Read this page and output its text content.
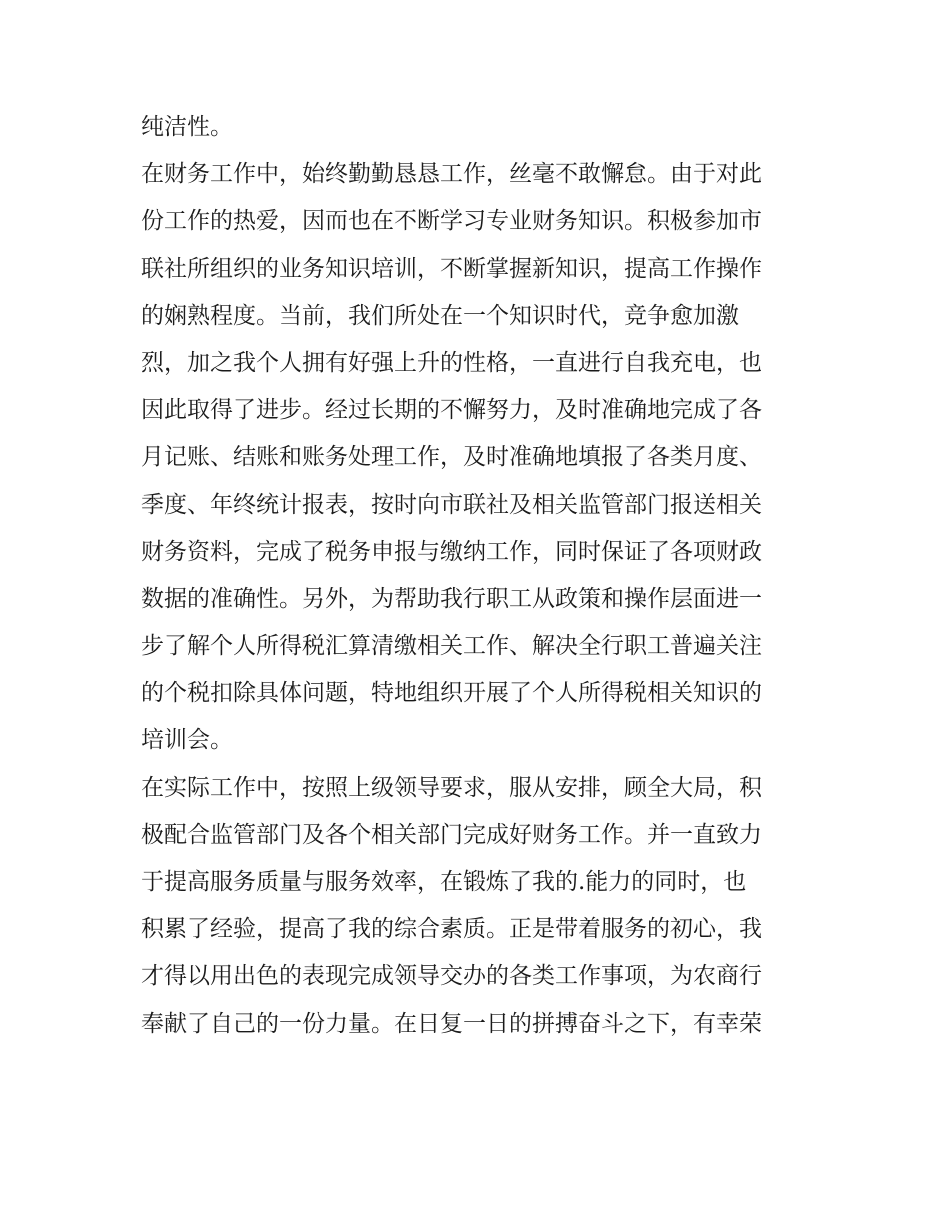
纯洁性。
在财务工作中，始终勤勤恳恳工作，丝毫不敢懈怠。由于对此
份工作的热爱，因而也在不断学习专业财务知识。积极参加市
联社所组织的业务知识培训，不断掌握新知识，提高工作操作
的娴熟程度。当前，我们所处在一个知识时代，竞争愈加激
烈，加之我个人拥有好强上升的性格，一直进行自我充电，也
因此取得了进步。经过长期的不懈努力，及时准确地完成了各
月记账、结账和账务处理工作，及时准确地填报了各类月度、
季度、年终统计报表，按时向市联社及相关监管部门报送相关
财务资料，完成了税务申报与缴纳工作，同时保证了各项财政
数据的准确性。另外，为帮助我行职工从政策和操作层面进一
步了解个人所得税汇算清缴相关工作、解决全行职工普遍关注
的个税扣除具体问题，特地组织开展了个人所得税相关知识的
培训会。
在实际工作中，按照上级领导要求，服从安排，顾全大局，积
极配合监管部门及各个相关部门完成好财务工作。并一直致力
于提高服务质量与服务效率，在锻炼了我的.能力的同时，也
积累了经验，提高了我的综合素质。正是带着服务的初心，我
才得以用出色的表现完成领导交办的各类工作事项，为农商行
奉献了自己的一份力量。在日复一日的拼搏奋斗之下，有幸荣
